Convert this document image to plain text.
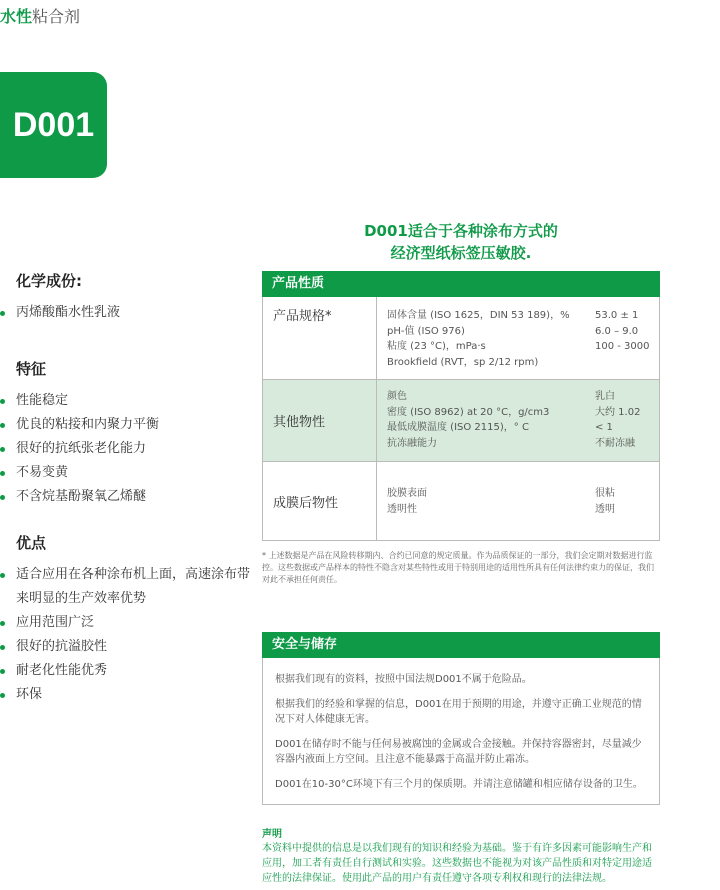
水性粘合剂
D001
D001适合于各种涂布方式的
经济型纸标签压敏胶.
化学成份:
丙烯酸酯水性乳液
特征
性能稳定
优良的粘接和内聚力平衡
很好的抗纸张老化能力
不易变黄
不含烷基酚聚氧乙烯醚
优点
适合应用在各种涂布机上面，高速涂布带来明显的生产效率优势
应用范围广泛
很好的抗溢胶性
耐老化性能优秀
环保
产品性质
产品规格*	固体含量 (ISO 1625，DIN 53 189)，%
pH-值 (ISO 976)
粘度 (23 °C)，mPa·s
Brookfield (RVT，sp 2/12 rpm)
53.0 ± 1
6.0 – 9.0
100 - 3000
其他物性
颜色
密度 (ISO 8962) at 20 °C，g/cm3
最低成膜温度 (ISO 2115)，° C
抗冻融能力
乳白
大约 1.02
< 1
不耐冻融
成膜后物性
胶膜表面
透明性
很粘
透明
* 上述数据是产品在风险转移期内、合约已同意的规定质量。作为品质保证的一部分，我们会定期对数据进行监控。这些数据或产品样本的特性不隐含对某些特性或用于特别用途的适用性所具有任何法律约束力的保证，我们对此不承担任何责任。
安全与储存

根据我们现有的资料，按照中国法规D001不属于危险品。

根据我们的经验和掌握的信息，D001在用于预期的用途，并遵守正确工业规范的情况下对人体健康无害。

D001在储存时不能与任何易被腐蚀的金属或合金接触。并保持容器密封，尽量减少容器内液面上方空间。且注意不能暴露于高温并防止霜冻。

D001在10-30°C环境下有三个月的保质期。并请注意储罐和相应储存设备的卫生。

声明
本资料中提供的信息是以我们现有的知识和经验为基础。鉴于有许多因素可能影响生产和应用，加工者有责任自行测试和实验。这些数据也不能视为对该产品性质和对特定用途适应性的法律保证。使用此产品的用户有责任遵守各项专利权和现行的法律法规。
